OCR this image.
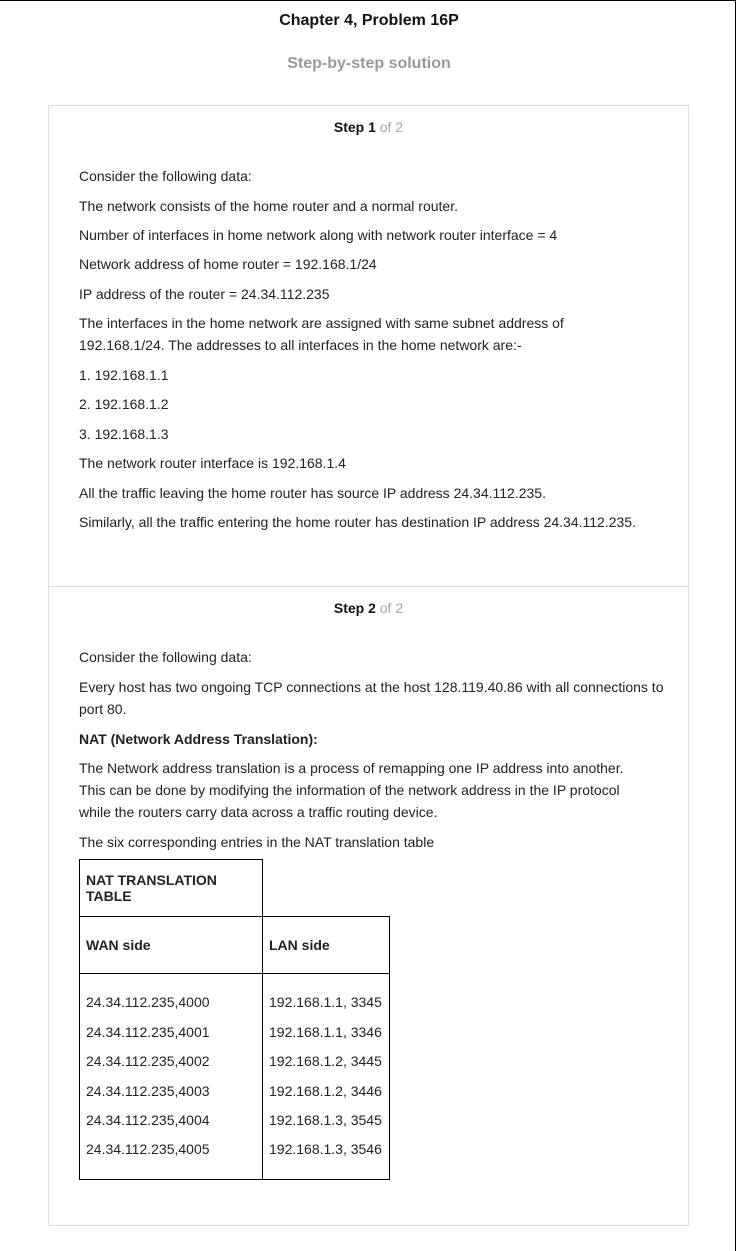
Chapter 4, Problem 16P
Step-by-step solution
Step 1 of 2

Consider the following data:

The network consists of the home router and a normal router.

Number of interfaces in home network along with network router interface = 4

Network address of home router = 192.168.1/24

IP address of the router = 24.34.112.235

The interfaces in the home network are assigned with same subnet address of 192.168.1/24. The addresses to all interfaces in the home network are:-

1. 192.168.1.1

2. 192.168.1.2

3. 192.168.1.3

The network router interface is 192.168.1.4

All the traffic leaving the home router has source IP address 24.34.112.235.

Similarly, all the traffic entering the home router has destination IP address 24.34.112.235.

Step 2 of 2

Consider the following data:

Every host has two ongoing TCP connections at the host 128.119.40.86 with all connections to port 80.

NAT (Network Address Translation):

The Network address translation is a process of remapping one IP address into another. This can be done by modifying the information of the network address in the IP protocol while the routers carry data across a traffic routing device.

The six corresponding entries in the NAT translation table

NAT TRANSLATION TABLE
WAN side	LAN side
24.34.112.235,4000
24.34.112.235,4001
24.34.112.235,4002
24.34.112.235,4003
24.34.112.235,4004
24.34.112.235,4005
192.168.1.1, 3345
192.168.1.1, 3346
192.168.1.2, 3445
192.168.1.2, 3446
192.168.1.3, 3545
192.168.1.3, 3546
